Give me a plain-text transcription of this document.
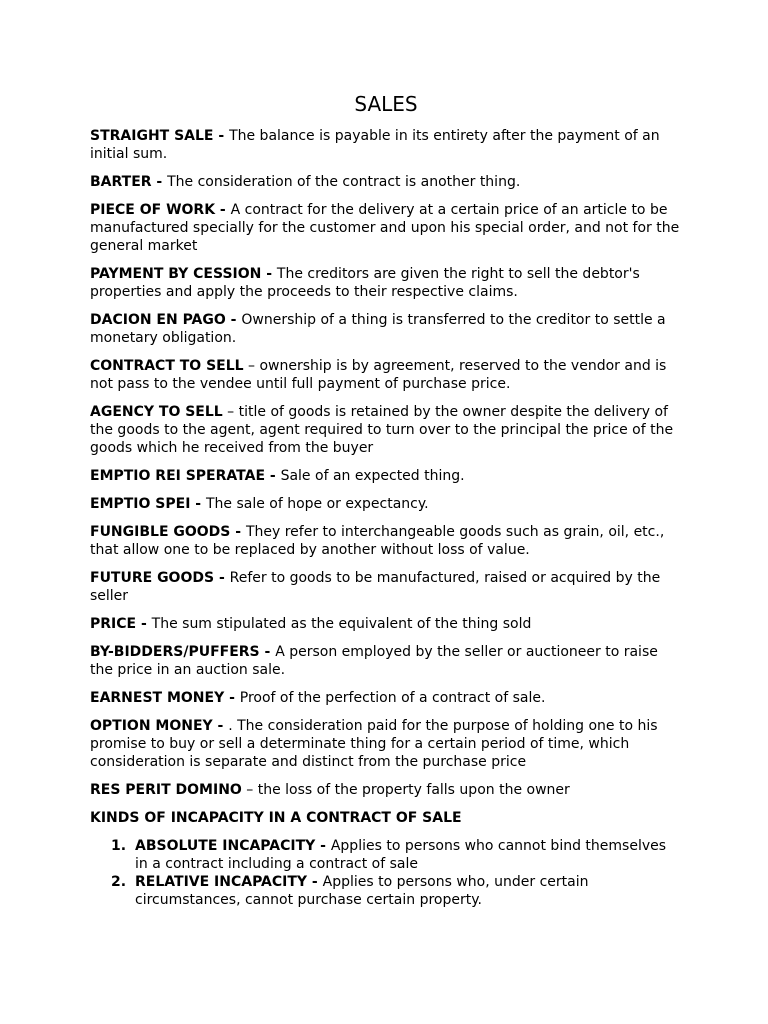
SALES
STRAIGHT SALE - The balance is payable in its entirety after the payment of an initial sum.
BARTER - The consideration of the contract is another thing.
PIECE OF WORK - A contract for the delivery at a certain price of an article to be manufactured specially for the customer and upon his special order, and not for the general market
PAYMENT BY CESSION - The creditors are given the right to sell the debtor's properties and apply the proceeds to their respective claims.
DACION EN PAGO - Ownership of a thing is transferred to the creditor to settle a monetary obligation.
CONTRACT TO SELL – ownership is by agreement, reserved to the vendor and is not pass to the vendee until full payment of purchase price.
AGENCY TO SELL – title of goods is retained by the owner despite the delivery of the goods to the agent, agent required to turn over to the principal the price of the goods which he received from the buyer
EMPTIO REI SPERATAE - Sale of an expected thing.
EMPTIO SPEI - The sale of hope or expectancy.
FUNGIBLE GOODS - They refer to interchangeable goods such as grain, oil, etc., that allow one to be replaced by another without loss of value.
FUTURE GOODS - Refer to goods to be manufactured, raised or acquired by the seller
PRICE - The sum stipulated as the equivalent of the thing sold
BY-BIDDERS/PUFFERS - A person employed by the seller or auctioneer to raise the price in an auction sale.
EARNEST MONEY - Proof of the perfection of a contract of sale.
OPTION MONEY - . The consideration paid for the purpose of holding one to his promise to buy or sell a determinate thing for a certain period of time, which consideration is separate and distinct from the purchase price
RES PERIT DOMINO – the loss of the property falls upon the owner
KINDS OF INCAPACITY IN A CONTRACT OF SALE
1. ABSOLUTE INCAPACITY - Applies to persons who cannot bind themselves in a contract including a contract of sale
2. RELATIVE INCAPACITY - Applies to persons who, under certain circumstances, cannot purchase certain property.
